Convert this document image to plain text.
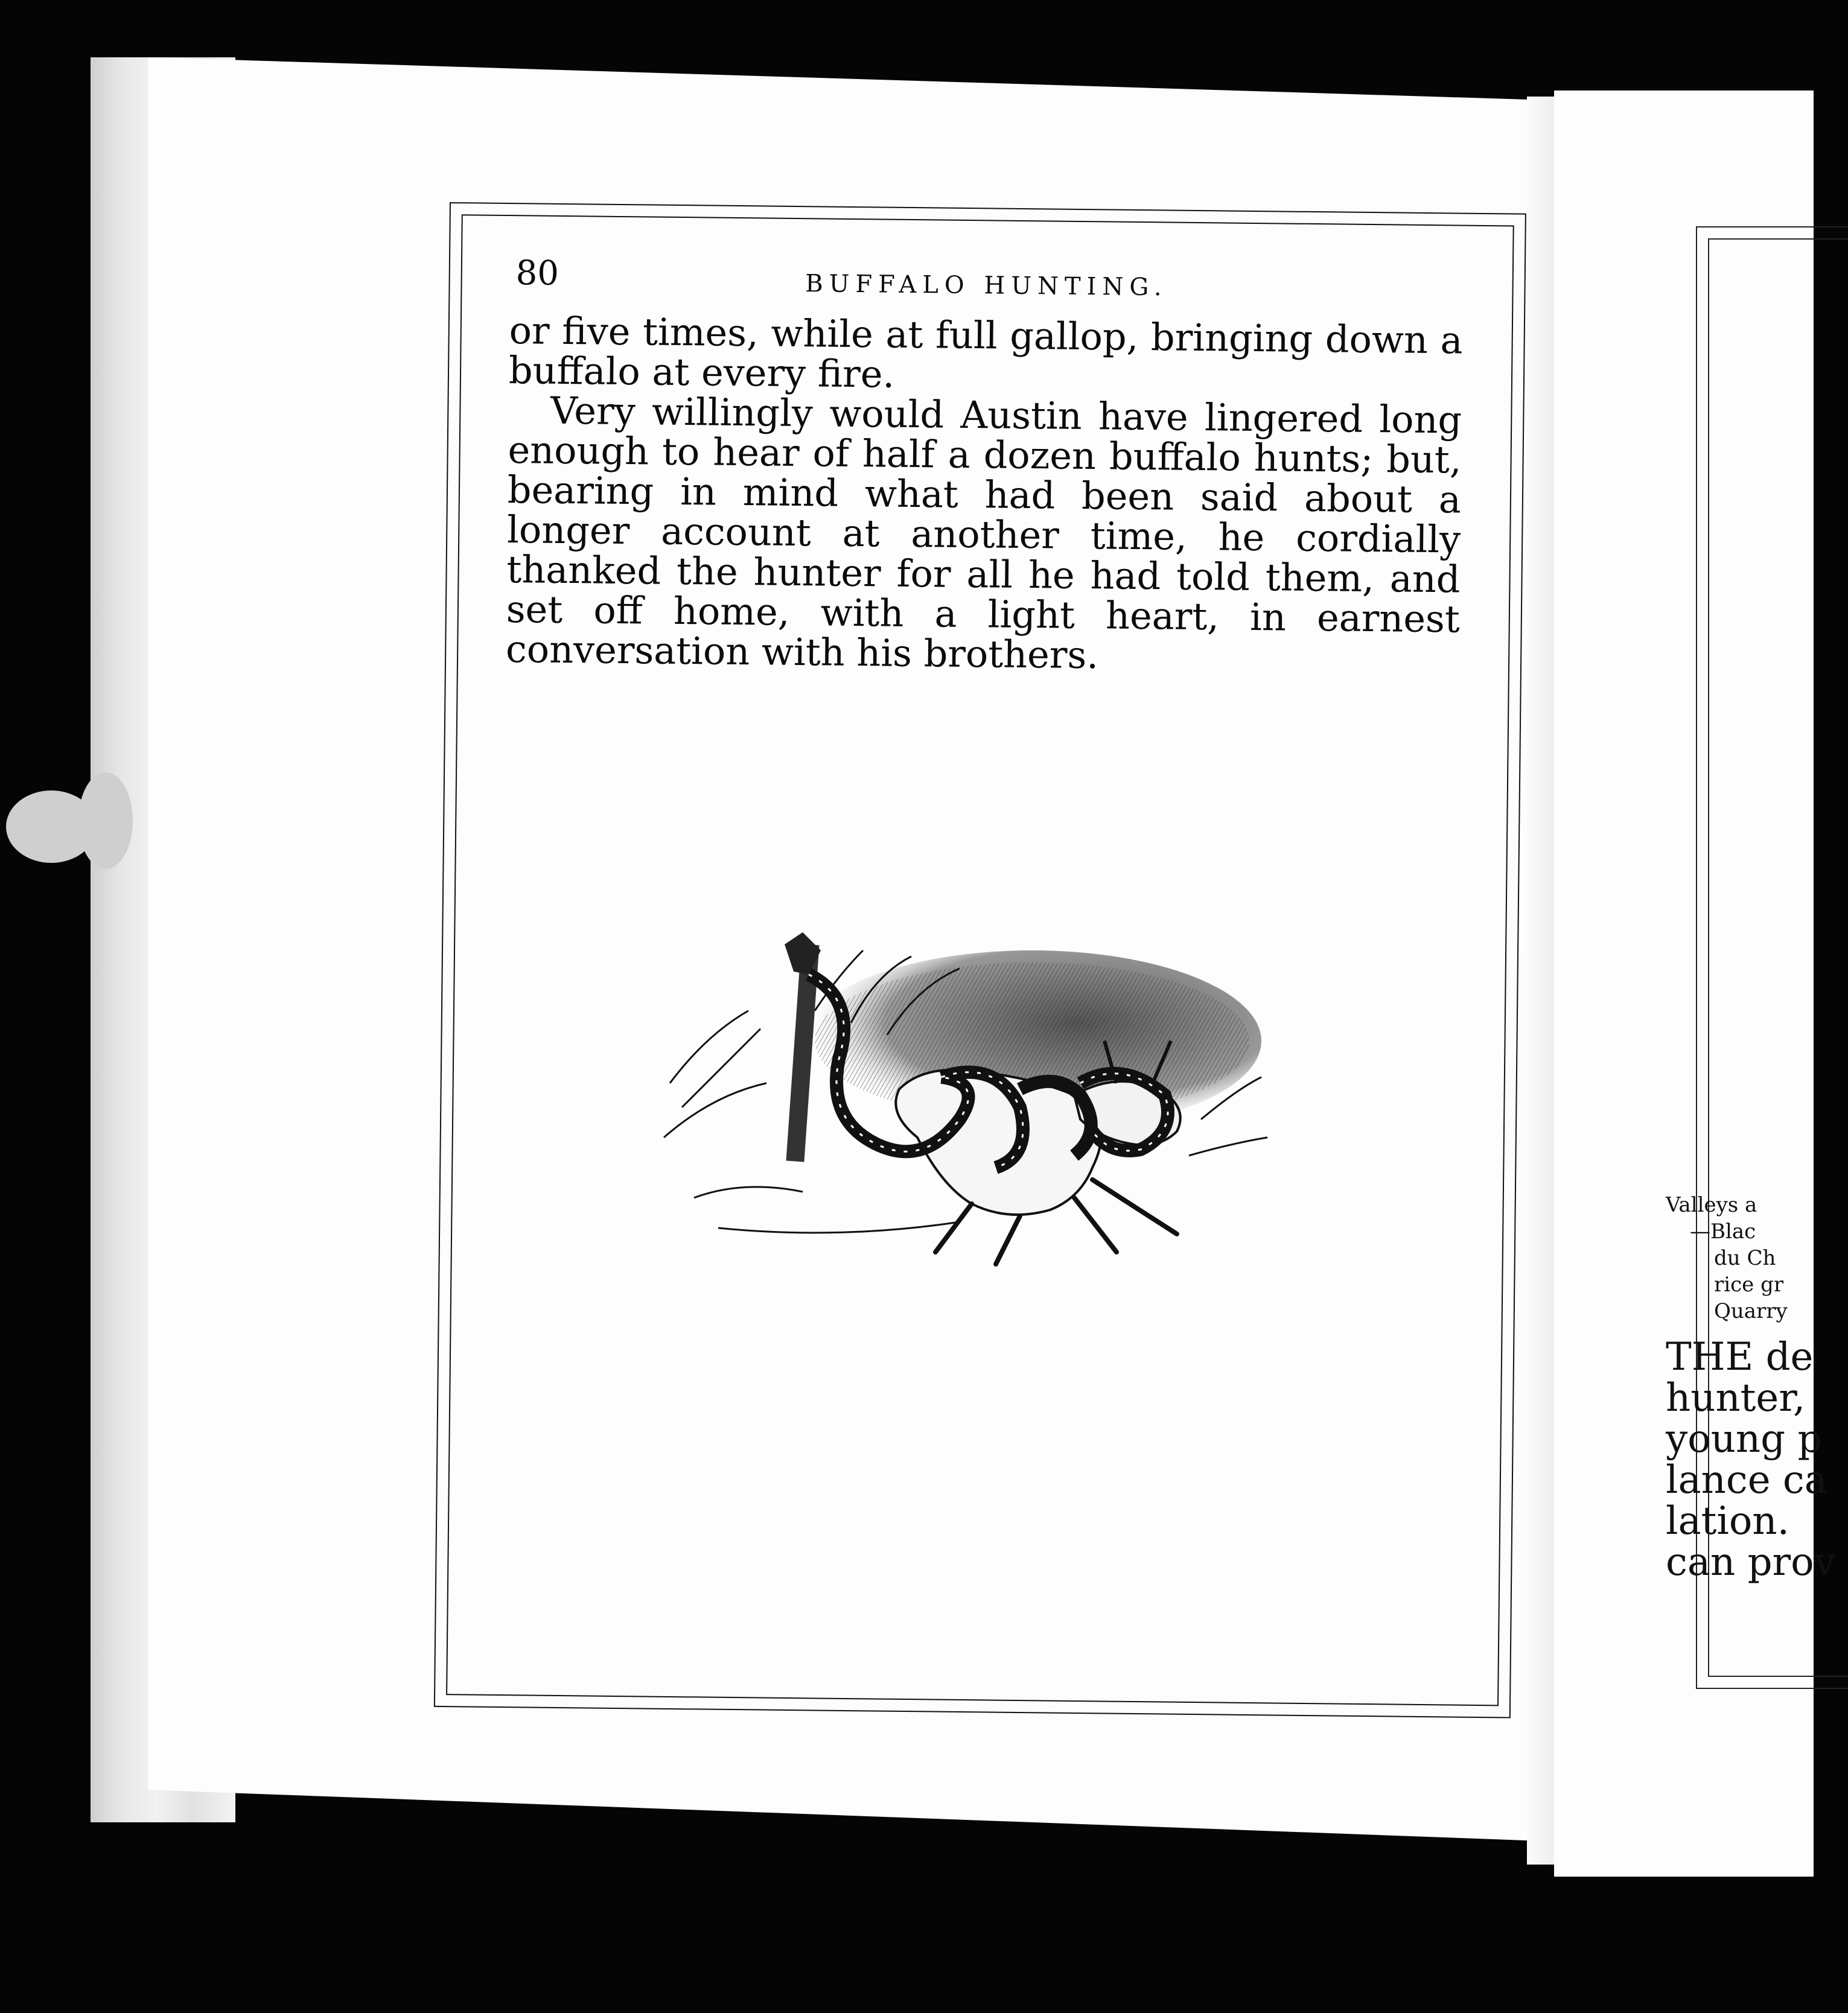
80	BUFFALO HUNTING.

or five times, while at full gallop, bringing down a buffalo at every fire.

Very willingly would Austin have lingered long enough to hear of half a dozen buffalo hunts; but, bearing in mind what had been said about a longer account at another time, he cordially thanked the hunter for all he had told them, and set off home, with a light heart, in earnest conversation with his brothers.

Valleys a
—Blac
du Ch
rice gr
Quarry
THE de
hunter,
young p
lance ca
lation.
can prov
